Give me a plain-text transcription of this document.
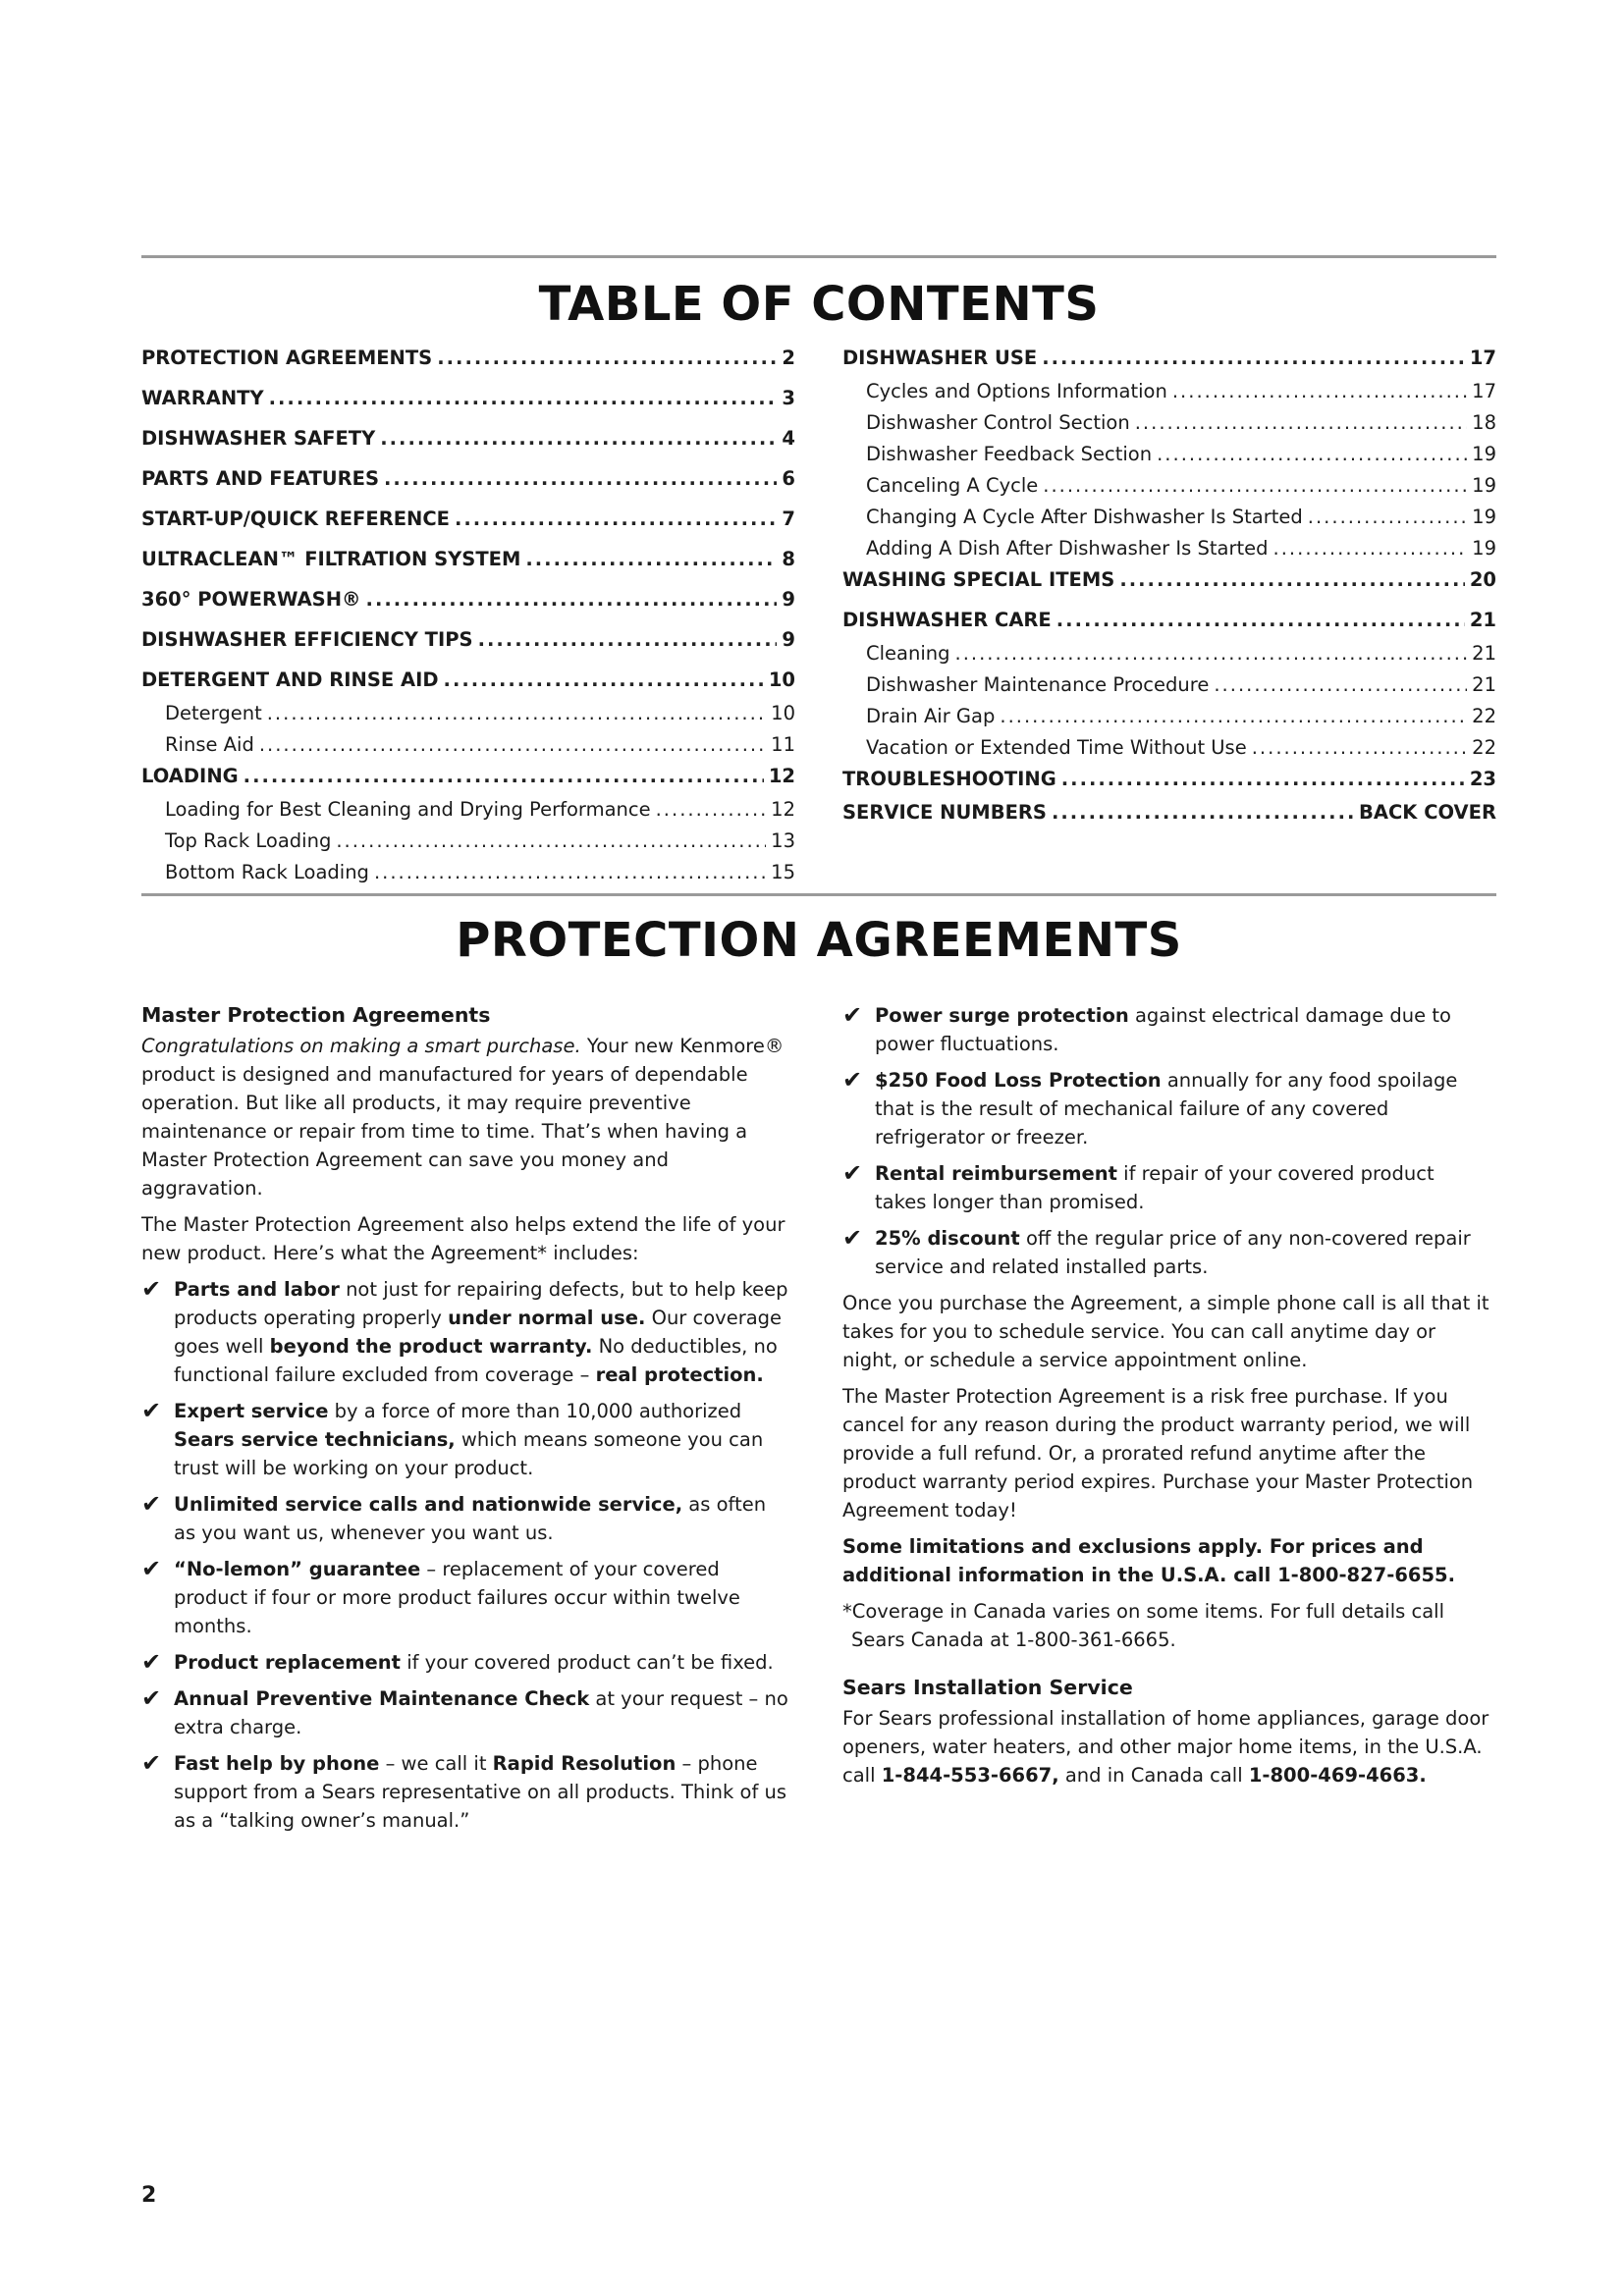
TABLE OF CONTENTS
PROTECTION AGREEMENTS .....	2
WARRANTY .....	3
DISHWASHER SAFETY .....	4
PARTS AND FEATURES .....	6
START-UP/QUICK REFERENCE .....	7
ULTRACLEAN™ FILTRATION SYSTEM .....	8
360° POWERWASH® .....	9
DISHWASHER EFFICIENCY TIPS .....	9
DETERGENT AND RINSE AID .....	10
Detergent .....	10
Rinse Aid .....	11
LOADING .....	12
Loading for Best Cleaning and Drying Performance .....	12
Top Rack Loading .....	13
Bottom Rack Loading .....	15
DISHWASHER USE .....	17
Cycles and Options Information .....	17
Dishwasher Control Section .....	18
Dishwasher Feedback Section .....	19
Canceling A Cycle .....	19
Changing A Cycle After Dishwasher Is Started .....	19
Adding A Dish After Dishwasher Is Started .....	19
WASHING SPECIAL ITEMS .....	20
DISHWASHER CARE .....	21
Cleaning .....	21
Dishwasher Maintenance Procedure .....	21
Drain Air Gap .....	22
Vacation or Extended Time Without Use .....	22
TROUBLESHOOTING .....	23
SERVICE NUMBERS .....	BACK COVER
PROTECTION AGREEMENTS
Master Protection Agreements

Congratulations on making a smart purchase. Your new Kenmore® product is designed and manufactured for years of dependable operation. But like all products, it may require preventive maintenance or repair from time to time. That’s when having a Master Protection Agreement can save you money and aggravation.

The Master Protection Agreement also helps extend the life of your new product. Here’s what the Agreement* includes:

✔ Parts and labor not just for repairing defects, but to help keep products operating properly under normal use. Our coverage goes well beyond the product warranty. No deductibles, no functional failure excluded from coverage – real protection.
✔ Expert service by a force of more than 10,000 authorized Sears service technicians, which means someone you can trust will be working on your product.
✔ Unlimited service calls and nationwide service, as often as you want us, whenever you want us.
✔ “No-lemon” guarantee – replacement of your covered product if four or more product failures occur within twelve months.
✔ Product replacement if your covered product can’t be fixed.
✔ Annual Preventive Maintenance Check at your request – no extra charge.
✔ Fast help by phone – we call it Rapid Resolution – phone support from a Sears representative on all products. Think of us as a “talking owner’s manual.”
✔ Power surge protection against electrical damage due to power fluctuations.
✔ $250 Food Loss Protection annually for any food spoilage that is the result of mechanical failure of any covered refrigerator or freezer.
✔ Rental reimbursement if repair of your covered product takes longer than promised.
✔ 25% discount off the regular price of any non-covered repair service and related installed parts.

Once you purchase the Agreement, a simple phone call is all that it takes for you to schedule service. You can call anytime day or night, or schedule a service appointment online.

The Master Protection Agreement is a risk free purchase. If you cancel for any reason during the product warranty period, we will provide a full refund. Or, a prorated refund anytime after the product warranty period expires. Purchase your Master Protection Agreement today!

Some limitations and exclusions apply. For prices and additional information in the U.S.A. call 1-800-827-6655.

*Coverage in Canada varies on some items. For full details call Sears Canada at 1-800-361-6665.

Sears Installation Service

For Sears professional installation of home appliances, garage door openers, water heaters, and other major home items, in the U.S.A. call 1-844-553-6667, and in Canada call 1-800-469-4663.

2
